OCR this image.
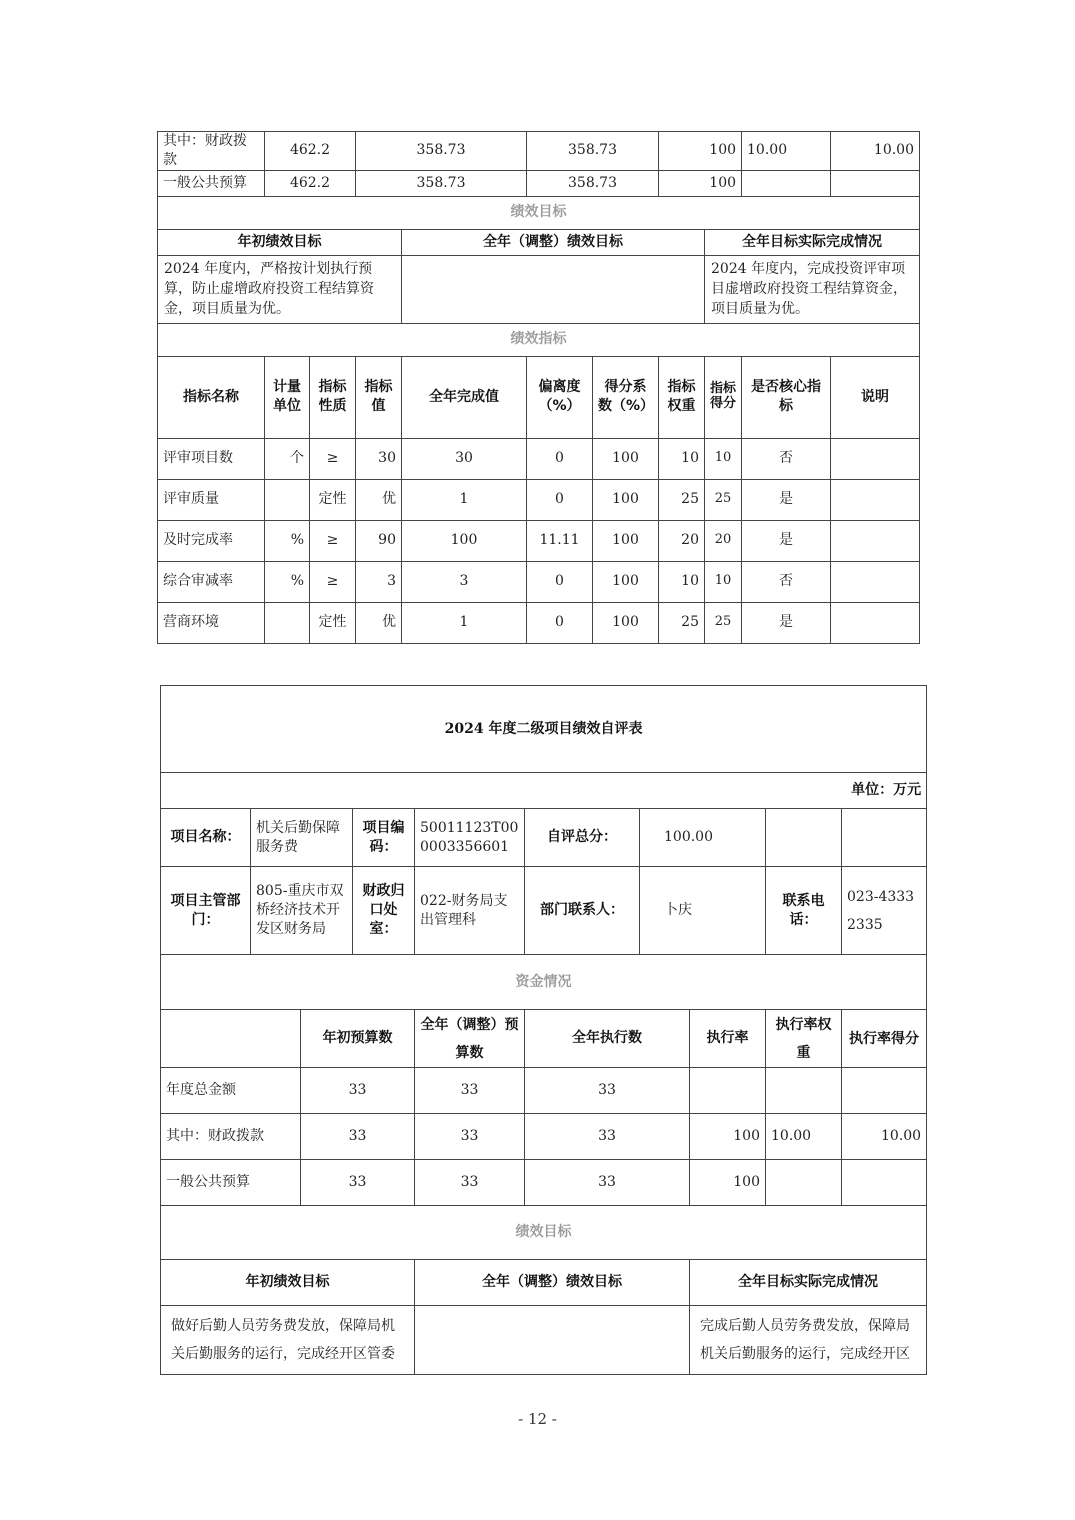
其中：财政拨款	462.2		358.73		358.73		100		10.00	10.00
一般公共预算	462.2		358.73		358.73		100			
绩效目标										
年初绩效目标				全年（调整）绩效目标				全年目标实际完成情况		
2024 年度内，严格按计划执行预算，防止虚增政府投资工程结算资金，项目质量为优。								2024 年度内，完成投资评审项目虚增政府投资工程结算资金，项目质量为优。		
绩效指标										
指标名称	计量单位	指标性质	指标值	全年完成值	偏离度（%）	得分系数（%）	指标权重	指标得分	是否核心指标	说明
评审项目数	个	≥	30	30	0	100	10	10	否	
评审质量		定性	优	1	0	100	25	25	是	
及时完成率	%	≥	90	100	11.11	100	20	20	是	
综合审减率	%	≥	3	3	0	100	10	10	否	
营商环境		定性	优	1	0	100	25	25	是	
2024 年度二级项目绩效自评表									
单位：万元									
项目名称：	机关后勤保障服务费		项目编码：	50011123T000003356601	自评总分：	100.00			
项目主管部门：	805-重庆市双桥经济技术开发区财务局		财政归口处室：	022-财务局支出管理科	部门联系人：	卜庆		联系电话：	023-43332335
资金情况									
		年初预算数		全年（调整）预算数	全年执行数		执行率	执行率权重	执行率得分
年度总金额		33		33	33				
其中：财政拨款		33		33	33		100	10.00	10.00
一般公共预算		33		33	33		100		
绩效目标									
年初绩效目标				全年（调整）绩效目标			全年目标实际完成情况		
做好后勤人员劳务费发放，保障局机关后勤服务的运行，完成经开区管委							完成后勤人员劳务费发放，保障局机关后勤服务的运行，完成经开区		
- 12 -
